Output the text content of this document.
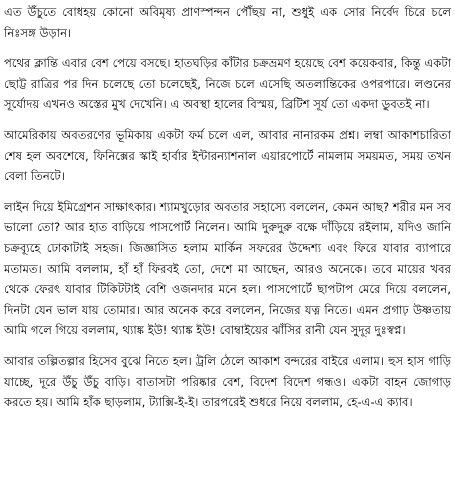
এত উঁচুতে বোধহয় কোনো অবিমৃষ্য প্রাণস্পন্দন পৌঁছয় না, শুধুই এক সোর নির্বেদ চিরে চলে নিঃসঙ্গ উড়ান।

পথের ক্লান্তি এবার বেশ পেয়ে বসছে। হাতঘড়ির কাঁটার চক্রভ্রমণ হয়েছে বেশ কয়েকবার, কিন্তু একটা ছোট্ট রাত্রির পর দিন চলেছে তো চলেছেই, নিজে চলে এসেছি অতলান্তিকের ওপরপারে। লণ্ডনের সূর্যোদয় এখনও অস্তের মুখ দেখেনি। এ অবস্থা হালের বিস্ময়, ব্রিটিশ সূর্য তো একদা ডুবতই না।

আমেরিকায় অবতরণের ভূমিকায় একটা ফর্ম চলে এল, আবার নানারকম প্রশ্ন। লম্বা আকাশচারিতা শেষ হল অবশেষে, ফিনিক্সের স্কাই হার্বার ইন্টারন্যাশনাল এয়ারপোর্টে নামলাম সময়মত, সময় তখন বেলা তিনটে।

লাইন দিয়ে ইমিগ্রেশন সাক্ষাৎকার। শ্যামখুড়োর অবতার সহাস্যে বললেন, কেমন আছ? শরীর মন সব ভালো তো? আর হাত বাড়িয়ে পাসপোর্ট নিলেন। আমি দুরুদুরু বক্ষে দাঁড়িয়ে রইলাম, যদিও জানি চক্রব্যূহে ঢোকাটাই সহজ। জিজ্ঞাসিত হলাম মার্কিন সফরের উদ্দেশ্য এবং ফিরে যাবার ব্যাপারে মতামত। আমি বললাম, হাঁ হাঁ ফিরবই তো, দেশে মা আছেন, আরও অনেকে। তবে মায়ের খবর থেকে ফেরৎ যাবার টিকিটটাই বেশি ওজনদার মনে হল। পাসপোর্টে ছাপটাপ মেরে দিয়ে বললেন, দিনটা যেন ভাল যায় তোমার। আর অনেক করে বললেন, নিজের যত্ন নিতে। এমন প্রগাঢ় উষ্ণতায় আমি গলে গিয়ে বললাম, থ্যাঙ্ক ইউ! থ্যাঙ্ক ইউ! বোম্বাইয়ের ঝাঁসির রানী যেন সুদূর দুঃস্বপ্ন।

আবার তল্পিতল্পার হিসেব বুঝে নিতে হল। ট্রলি ঠেলে আকাশ বন্দরের বাইরে এলাম। হুস হাস গাড়ি যাচ্ছে, দূরে উঁচু উঁচু বাড়ি। বাতাসটা পরিষ্কার বেশ, বিদেশ বিদেশ গন্ধও। একটা বাহন জোগাড় করতে হয়। আমি হাঁক ছাড়লাম, ট্যাক্সি-ই-ই। তারপরেই শুধরে নিয়ে বললাম, হে-এ-এ ক্যাব।
